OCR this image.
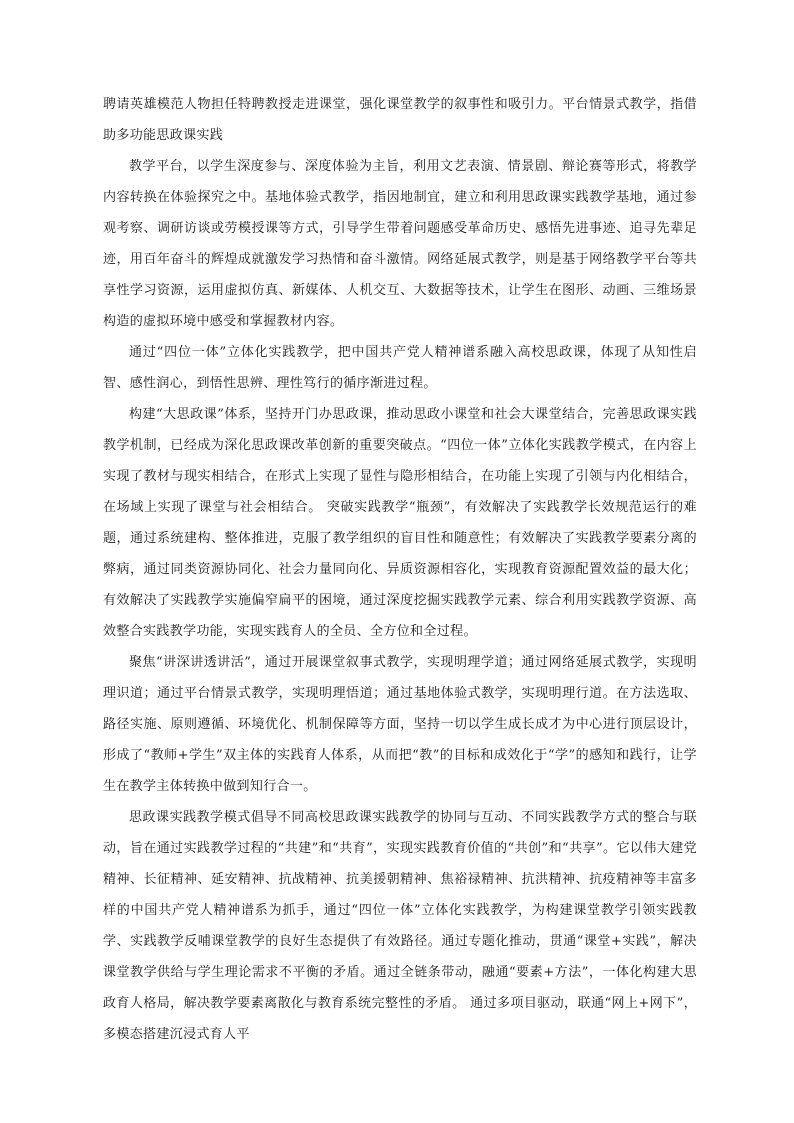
聘请英雄模范人物担任特聘教授走进课堂，强化课堂教学的叙事性和吸引力。平台情景式教学，指借助多功能思政课实践

教学平台，以学生深度参与、深度体验为主旨，利用文艺表演、情景剧、辩论赛等形式，将教学内容转换在体验探究之中。基地体验式教学，指因地制宜，建立和利用思政课实践教学基地，通过参观考察、调研访谈或劳模授课等方式，引导学生带着问题感受革命历史、感悟先进事迹、追寻先辈足迹，用百年奋斗的辉煌成就激发学习热情和奋斗激情。网络延展式教学，则是基于网络教学平台等共享性学习资源，运用虚拟仿真、新媒体、人机交互、大数据等技术，让学生在图形、动画、三维场景构造的虚拟环境中感受和掌握教材内容。

通过“四位一体”立体化实践教学，把中国共产党人精神谱系融入高校思政课，体现了从知性启智、感性润心，到悟性思辨、理性笃行的循序渐进过程。

构建“大思政课”体系，坚持开门办思政课，推动思政小课堂和社会大课堂结合，完善思政课实践教学机制，已经成为深化思政课改革创新的重要突破点。“四位一体”立体化实践教学模式，在内容上实现了教材与现实相结合，在形式上实现了显性与隐形相结合，在功能上实现了引领与内化相结合，在场域上实现了课堂与社会相结合。 突破实践教学“瓶颈”，有效解决了实践教学长效规范运行的难题，通过系统建构、整体推进，克服了教学组织的盲目性和随意性；有效解决了实践教学要素分离的弊病，通过同类资源协同化、社会力量同向化、异质资源相容化，实现教育资源配置效益的最大化；有效解决了实践教学实施偏窄扁平的困境，通过深度挖掘实践教学元素、综合利用实践教学资源、高效整合实践教学功能，实现实践育人的全员、全方位和全过程。

聚焦“讲深讲透讲活”，通过开展课堂叙事式教学，实现明理学道；通过网络延展式教学，实现明理识道；通过平台情景式教学，实现明理悟道；通过基地体验式教学，实现明理行道。在方法选取、路径实施、原则遵循、环境优化、机制保障等方面，坚持一切以学生成长成才为中心进行顶层设计，形成了“教师+学生”双主体的实践育人体系，从而把“教”的目标和成效化于“学”的感知和践行，让学生在教学主体转换中做到知行合一。

思政课实践教学模式倡导不同高校思政课实践教学的协同与互动、不同实践教学方式的整合与联动，旨在通过实践教学过程的“共建”和“共育”，实现实践教育价值的“共创”和“共享”。它以伟大建党精神、长征精神、延安精神、抗战精神、抗美援朝精神、焦裕禄精神、抗洪精神、抗疫精神等丰富多样的中国共产党人精神谱系为抓手，通过“四位一体”立体化实践教学，为构建课堂教学引领实践教学、实践教学反哺课堂教学的良好生态提供了有效路径。通过专题化推动，贯通“课堂+实践”，解决课堂教学供给与学生理论需求不平衡的矛盾。通过全链条带动，融通“要素+方法”，一体化构建大思政育人格局，解决教学要素离散化与教育系统完整性的矛盾。 通过多项目驱动，联通“网上+网下”，多模态搭建沉浸式育人平
